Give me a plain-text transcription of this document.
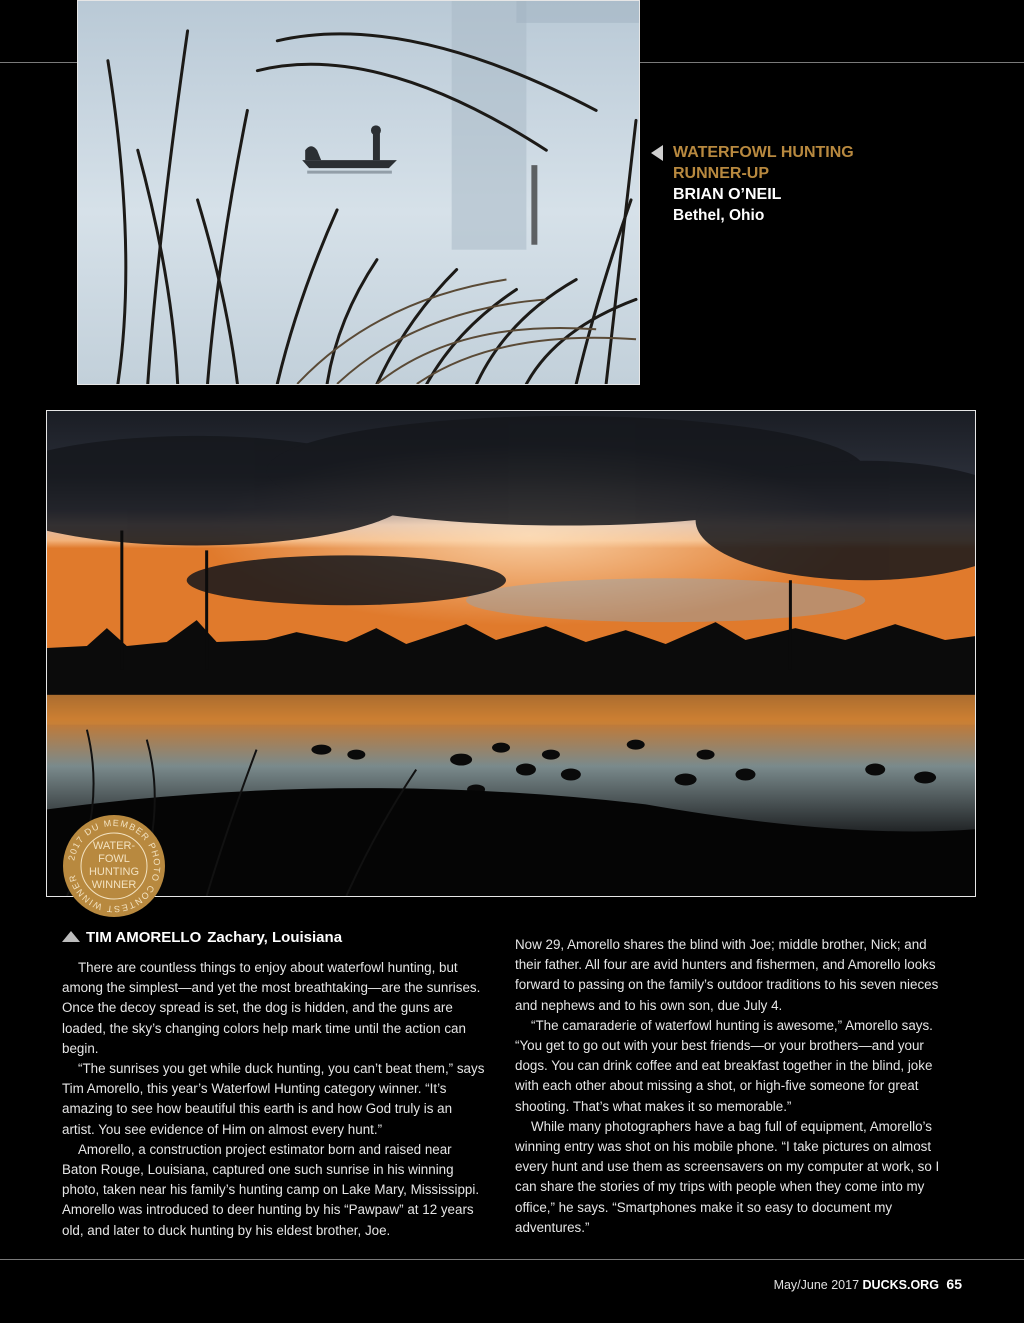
WATERFOWL HUNTING
RUNNER-UP
BRIAN O’NEIL
Bethel, Ohio
2017 DU MEMBER PHOTO CONTEST WINNER
WATER-
FOWL
HUNTING
WINNER
TIM AMORELLO Zachary, Louisiana

There are countless things to enjoy about waterfowl hunting, but among the simplest—and yet the most breathtaking—are the sunrises. Once the decoy spread is set, the dog is hidden, and the guns are loaded, the sky’s changing colors help mark time until the action can begin.

“The sunrises you get while duck hunting, you can’t beat them,” says Tim Amorello, this year’s Waterfowl Hunting category winner. “It’s amazing to see how beautiful this earth is and how God truly is an artist. You see evidence of Him on almost every hunt.”

Amorello, a construction project estimator born and raised near Baton Rouge, Louisiana, captured one such sunrise in his winning photo, taken near his family’s hunting camp on Lake Mary, Mississippi. Amorello was introduced to deer hunting by his “Pawpaw” at 12 years old, and later to duck hunting by his eldest brother, Joe.

Now 29, Amorello shares the blind with Joe; middle brother, Nick; and their father. All four are avid hunters and fishermen, and Amorello looks forward to passing on the family’s outdoor traditions to his seven nieces and nephews and to his own son, due July 4.

“The camaraderie of waterfowl hunting is awesome,” Amorello says. “You get to go out with your best friends—or your brothers—and your dogs. You can drink coffee and eat breakfast together in the blind, joke with each other about missing a shot, or high-five someone for great shooting. That’s what makes it so memorable.”

While many photographers have a bag full of equipment, Amorello’s winning entry was shot on his mobile phone. “I take pictures on almost every hunt and use them as screensavers on my computer at work, so I can share the stories of my trips with people when they come into my office,” he says. “Smartphones make it so easy to document my adventures.”

May/June 2017 DUCKS.ORG 65
